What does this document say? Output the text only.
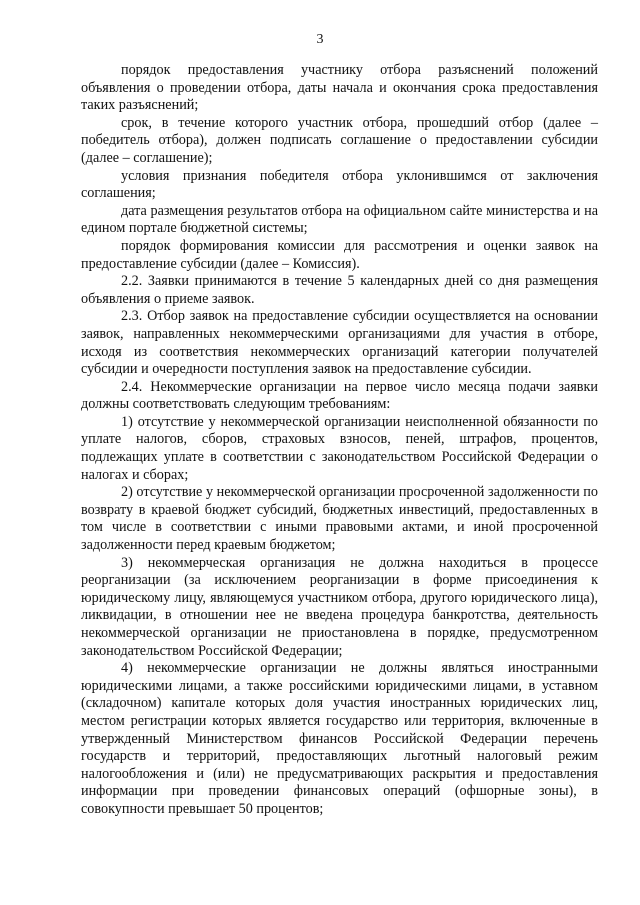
3

порядок предоставления участнику отбора разъяснений положений объявления о проведении отбора, даты начала и окончания срока предоставления таких разъяснений;

срок, в течение которого участник отбора, прошедший отбор (далее – победитель отбора), должен подписать соглашение о предоставлении субсидии (далее – соглашение);

условия признания победителя отбора уклонившимся от заключения соглашения;

дата размещения результатов отбора на официальном сайте министерства и на едином портале бюджетной системы;

порядок формирования комиссии для рассмотрения и оценки заявок на предоставление субсидии (далее – Комиссия).

2.2. Заявки принимаются в течение 5 календарных дней со дня размещения объявления о приеме заявок.

2.3. Отбор заявок на предоставление субсидии осуществляется на основании заявок, направленных некоммерческими организациями для участия в отборе, исходя из соответствия некоммерческих организаций категории получателей субсидии и очередности поступления заявок на предоставление субсидии.

2.4. Некоммерческие организации на первое число месяца подачи заявки должны соответствовать следующим требованиям:

1) отсутствие у некоммерческой организации неисполненной обязанности по уплате налогов, сборов, страховых взносов, пеней, штрафов, процентов, подлежащих уплате в соответствии с законодательством Российской Федерации о налогах и сборах;

2) отсутствие у некоммерческой организации просроченной задолженности по возврату в краевой бюджет субсидий, бюджетных инвестиций, предоставленных в том числе в соответствии с иными правовыми актами, и иной просроченной задолженности перед краевым бюджетом;

3) некоммерческая организация не должна находиться в процессе реорганизации (за исключением реорганизации в форме присоединения к юридическому лицу, являющемуся участником отбора, другого юридического лица), ликвидации, в отношении нее не введена процедура банкротства, деятельность некоммерческой организации не приостановлена в порядке, предусмотренном законодательством Российской Федерации;

4) некоммерческие организации не должны являться иностранными юридическими лицами, а также российскими юридическими лицами, в уставном (складочном) капитале которых доля участия иностранных юридических лиц, местом регистрации которых является государство или территория, включенные в утвержденный Министерством финансов Российской Федерации перечень государств и территорий, предоставляющих льготный налоговый режим налогообложения и (или) не предусматривающих раскрытия и предоставления информации при проведении финансовых операций (офшорные зоны), в совокупности превышает 50 процентов;
